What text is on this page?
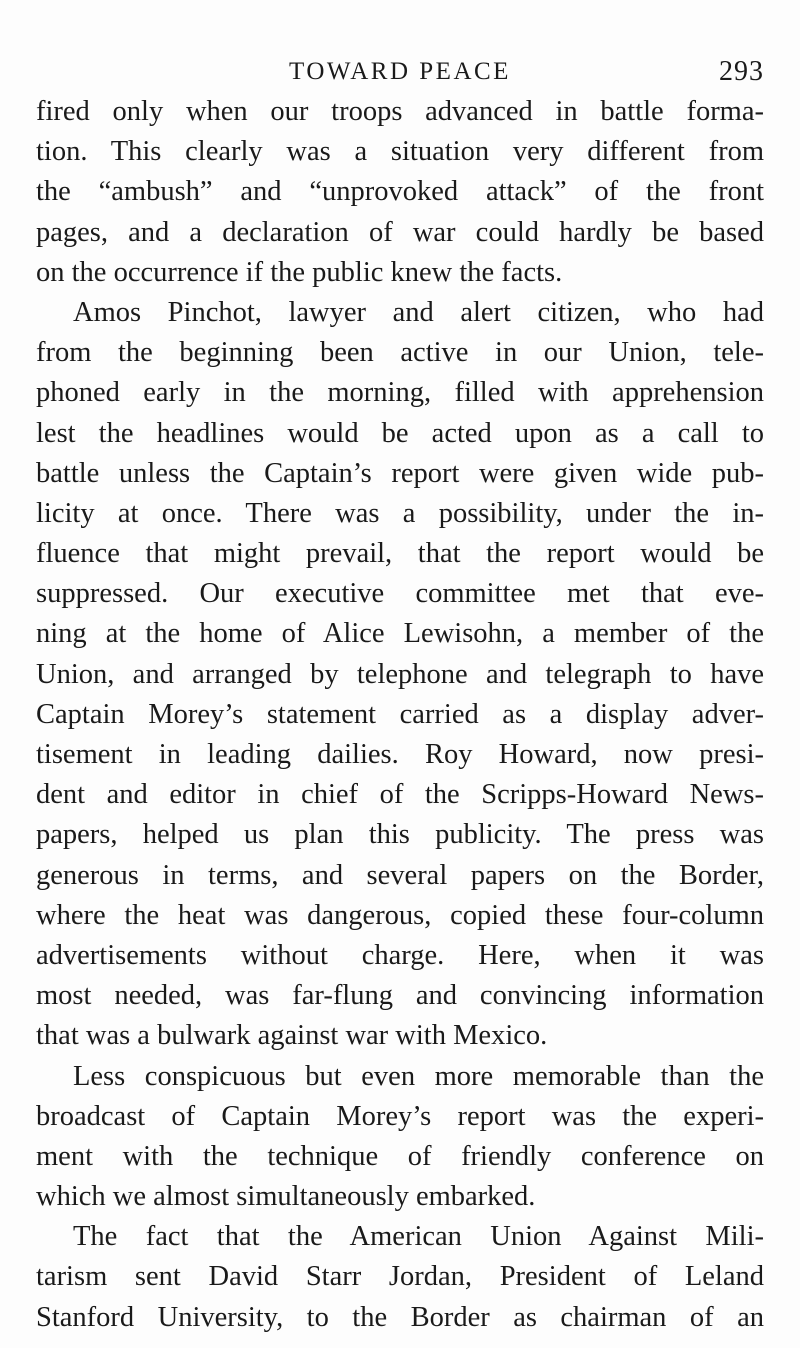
TOWARD PEACE	293
fired only when our troops advanced in battle forma-
tion. This clearly was a situation very different from
the “ambush” and “unprovoked attack” of the front
pages, and a declaration of war could hardly be based
on the occurrence if the public knew the facts.
Amos Pinchot, lawyer and alert citizen, who had
from the beginning been active in our Union, tele-
phoned early in the morning, filled with apprehension
lest the headlines would be acted upon as a call to
battle unless the Captain’s report were given wide pub-
licity at once. There was a possibility, under the in-
fluence that might prevail, that the report would be
suppressed. Our executive committee met that eve-
ning at the home of Alice Lewisohn, a member of the
Union, and arranged by telephone and telegraph to have
Captain Morey’s statement carried as a display adver-
tisement in leading dailies. Roy Howard, now presi-
dent and editor in chief of the Scripps-Howard News-
papers, helped us plan this publicity. The press was
generous in terms, and several papers on the Border,
where the heat was dangerous, copied these four-column
advertisements without charge. Here, when it was
most needed, was far-flung and convincing information
that was a bulwark against war with Mexico.
Less conspicuous but even more memorable than the
broadcast of Captain Morey’s report was the experi-
ment with the technique of friendly conference on
which we almost simultaneously embarked.
The fact that the American Union Against Mili-
tarism sent David Starr Jordan, President of Leland
Stanford University, to the Border as chairman of an
